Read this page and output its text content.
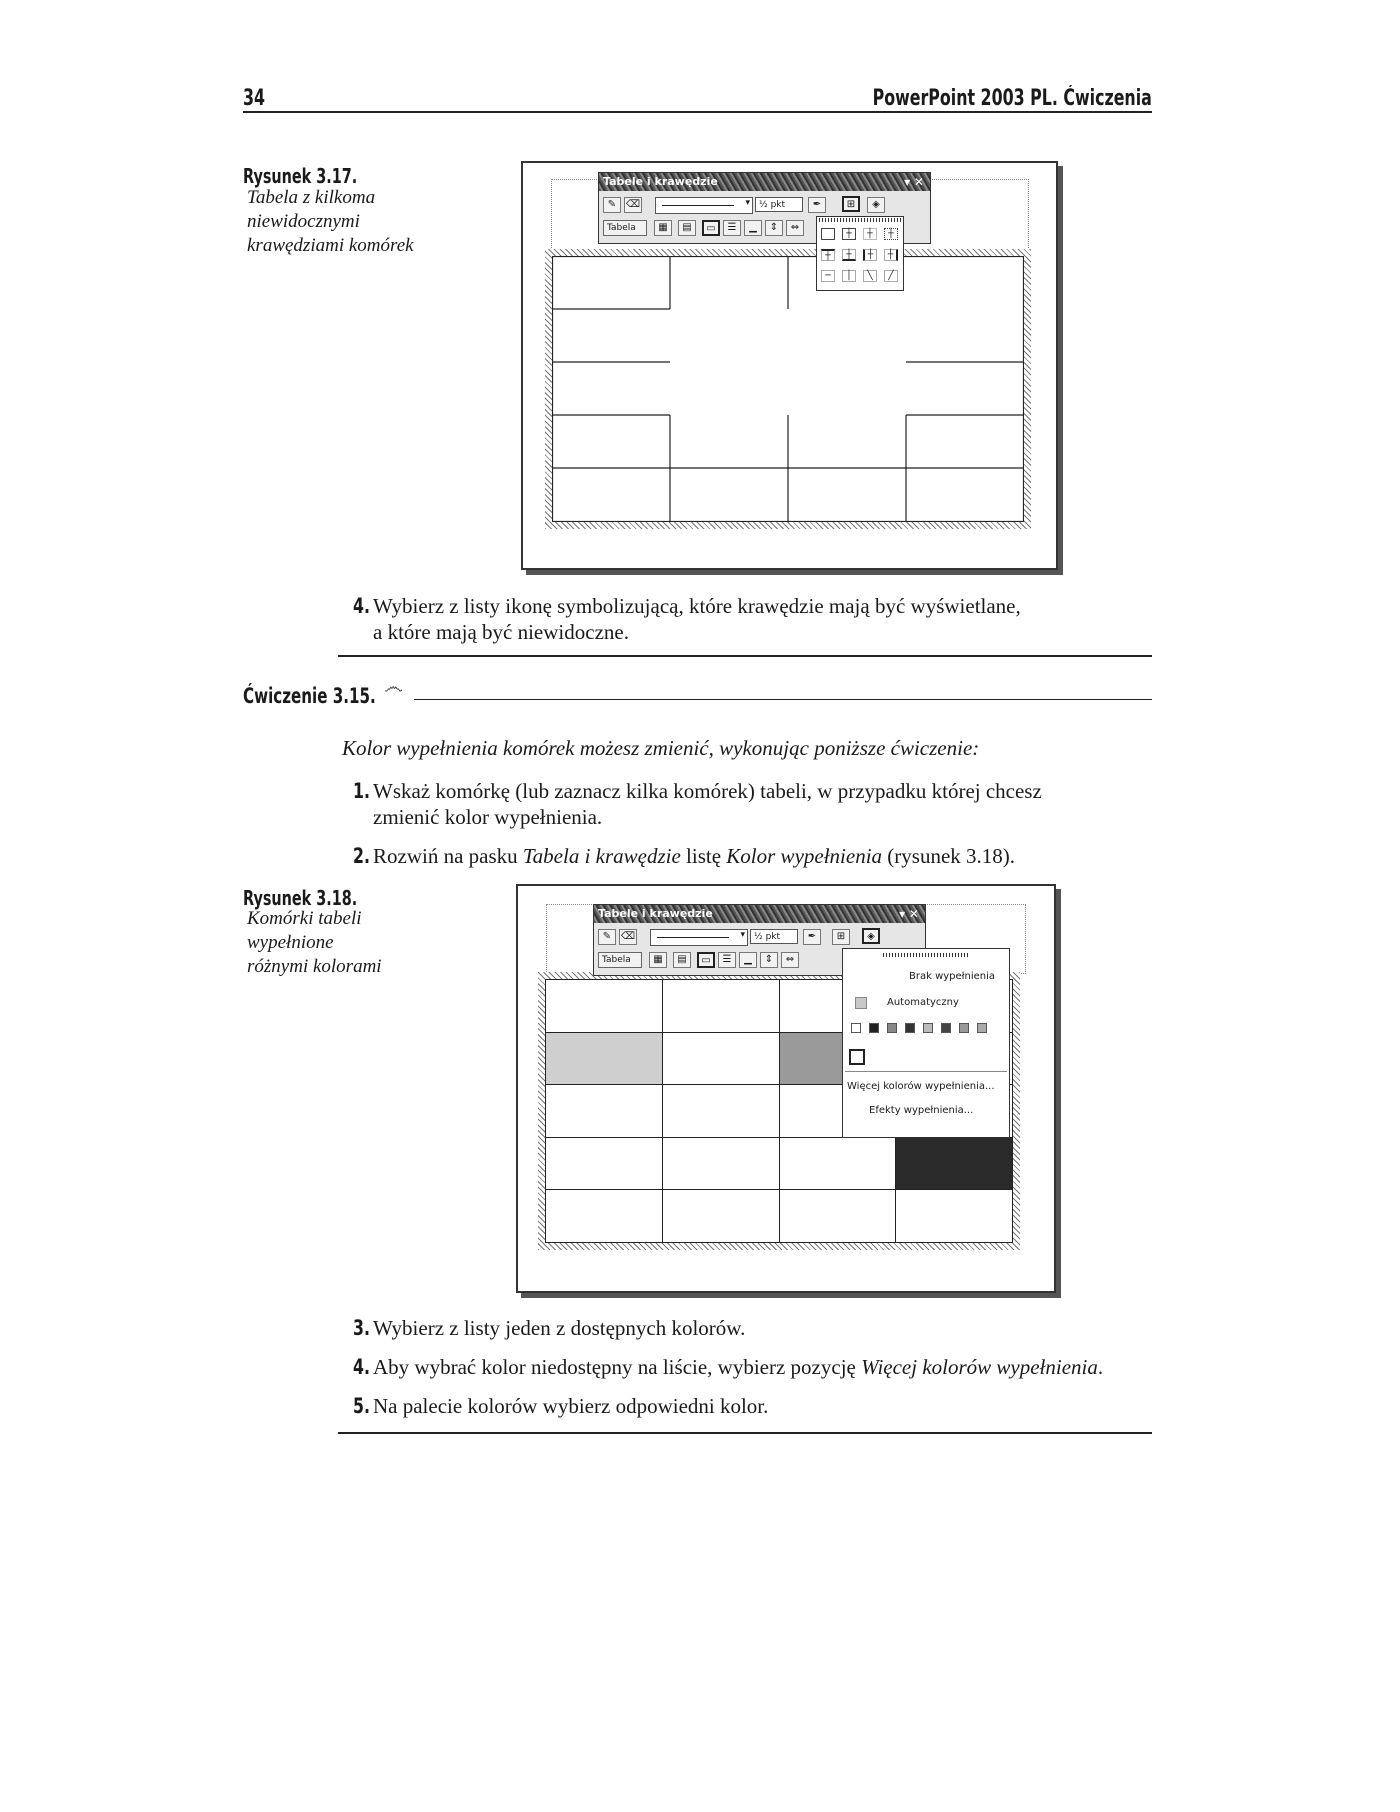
34	PowerPoint 2003 PL. Ćwiczenia
Rysunek 3.17.
Tabela z kilkoma
niewidocznymi
krawędziami komórek
Tabele i krawędzie	▾ ✕
✎ ⌫	▾	½ pkt	✒	⊞	◈
Tabela	▦	▤	▭	☰	▁	⇕	⇔
┼	┼	┼
┼	┼	┼	┼
─	│	╲	╱
4. Wybierz z listy ikonę symbolizującą, które krawędzie mają być wyświetlane,
a które mają być niewidoczne.
Ćwiczenie 3.15. ෴
Kolor wypełnienia komórek możesz zmienić, wykonując poniższe ćwiczenie:
1. Wskaż komórkę (lub zaznacz kilka komórek) tabeli, w przypadku której chcesz
zmienić kolor wypełnienia.
2. Rozwiń na pasku Tabela i krawędzie listę Kolor wypełnienia (rysunek 3.18).
Rysunek 3.18.
Komórki tabeli
wypełnione
różnymi kolorami

Tabele i krawędzie	▾ ✕
✎ ⌫	▾	½ pkt	✒	⊞	◈
Tabela	▦	▤	▭	☰	▁	⇕	⇔
Brak wypełnienia
Automatyczny
Więcej kolorów wypełnienia...
Efekty wypełnienia...
3. Wybierz z listy jeden z dostępnych kolorów.
4. Aby wybrać kolor niedostępny na liście, wybierz pozycję Więcej kolorów wypełnienia.
5. Na palecie kolorów wybierz odpowiedni kolor.
